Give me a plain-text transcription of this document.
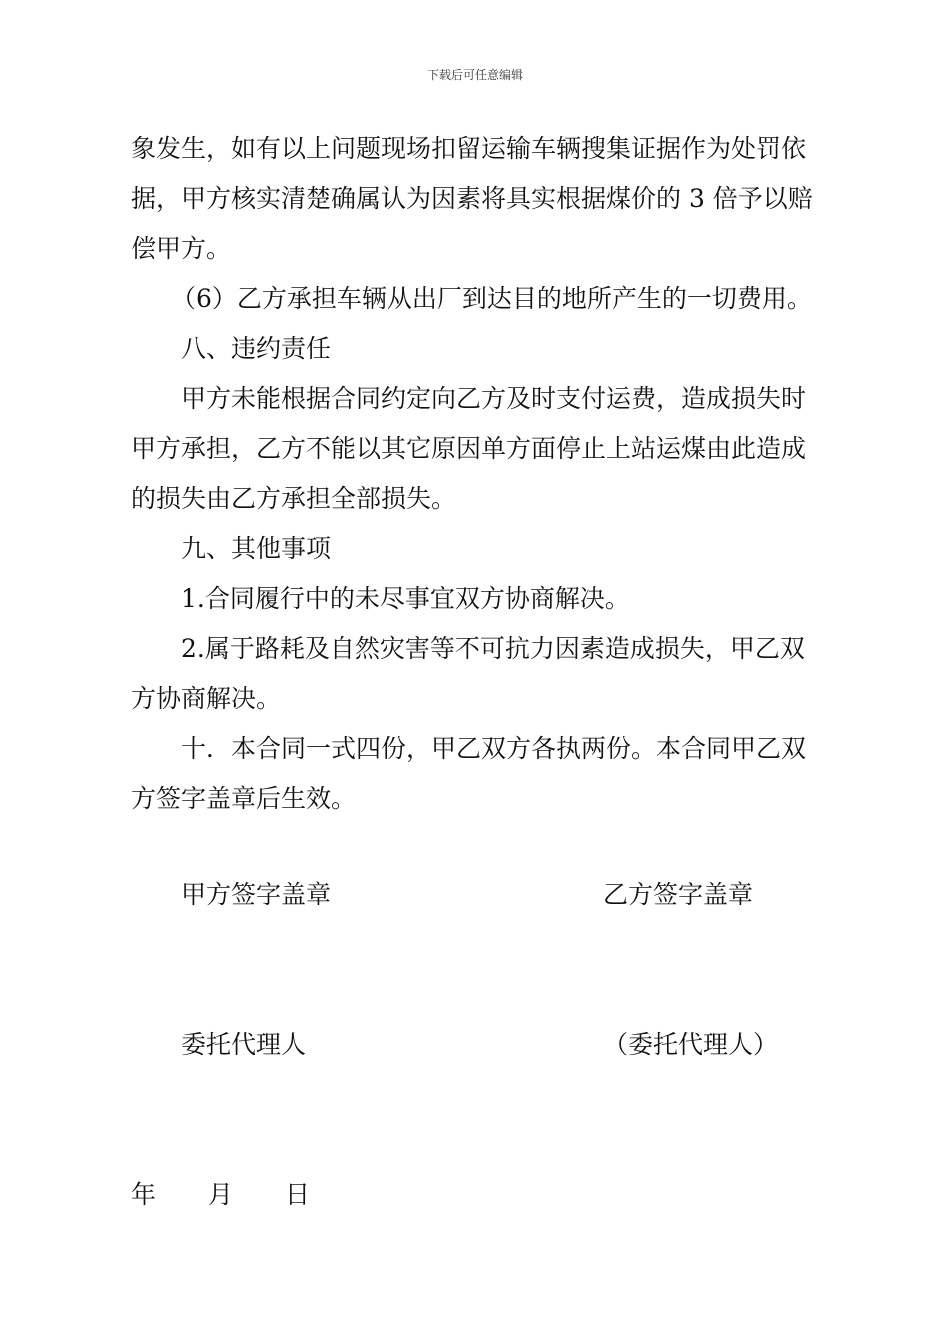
下载后可任意编辑

象发生，如有以上问题现场扣留运输车辆搜集证据作为处罚依

据，甲方核实清楚确属认为因素将具实根据煤价的 3 倍予以赔

偿甲方。

（6）乙方承担车辆从出厂到达目的地所产生的一切费用。

八、违约责任

甲方未能根据合同约定向乙方及时支付运费，造成损失时

甲方承担，乙方不能以其它原因单方面停止上站运煤由此造成

的损失由乙方承担全部损失。

九、其他事项

1.合同履行中的未尽事宜双方协商解决。

2.属于路耗及自然灾害等不可抗力因素造成损失，甲乙双

方协商解决。

十．本合同一式四份，甲乙双方各执两份。本合同甲乙双

方签字盖章后生效。

甲方签字盖章	乙方签字盖章
委托代理人	（委托代理人）
年 月 日
